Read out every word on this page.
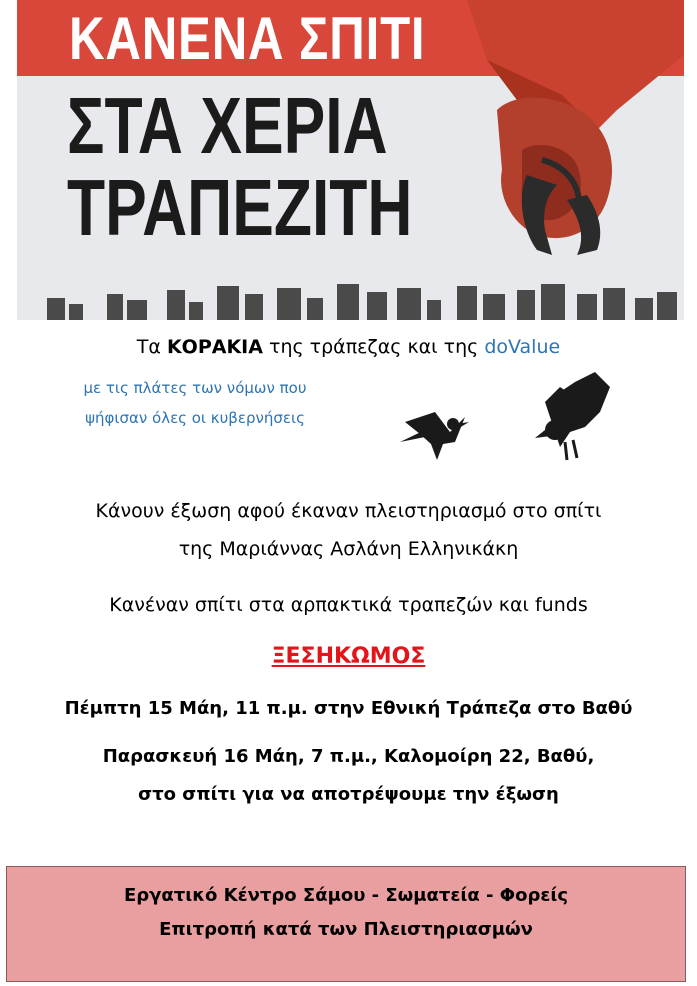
ΚΑΝΕΝΑ ΣΠΙΤΙ
ΣΤΑ ΧΕΡΙΑ
ΤΡΑΠΕΖΙΤΗ
Τα ΚΟΡΑΚΙΑ της τράπεζας και της doValue
με τις πλάτες των νόμων που
ψήφισαν όλες οι κυβερνήσεις
Κάνουν έξωση αφού έκαναν πλειστηριασμό στο σπίτι
της Μαριάννας Ασλάνη Ελληνικάκη
Κανέναν σπίτι στα αρπακτικά τραπεζών και funds
ΞΕΣΗΚΩΜΟΣ
Πέμπτη 15 Μάη, 11 π.μ. στην Εθνική Τράπεζα στο Βαθύ
Παρασκευή 16 Μάη, 7 π.μ., Καλομοίρη 22, Βαθύ,
στο σπίτι για να αποτρέψουμε την έξωση
Εργατικό Κέντρο Σάμου - Σωματεία - Φορείς
Επιτροπή κατά των Πλειστηριασμών
